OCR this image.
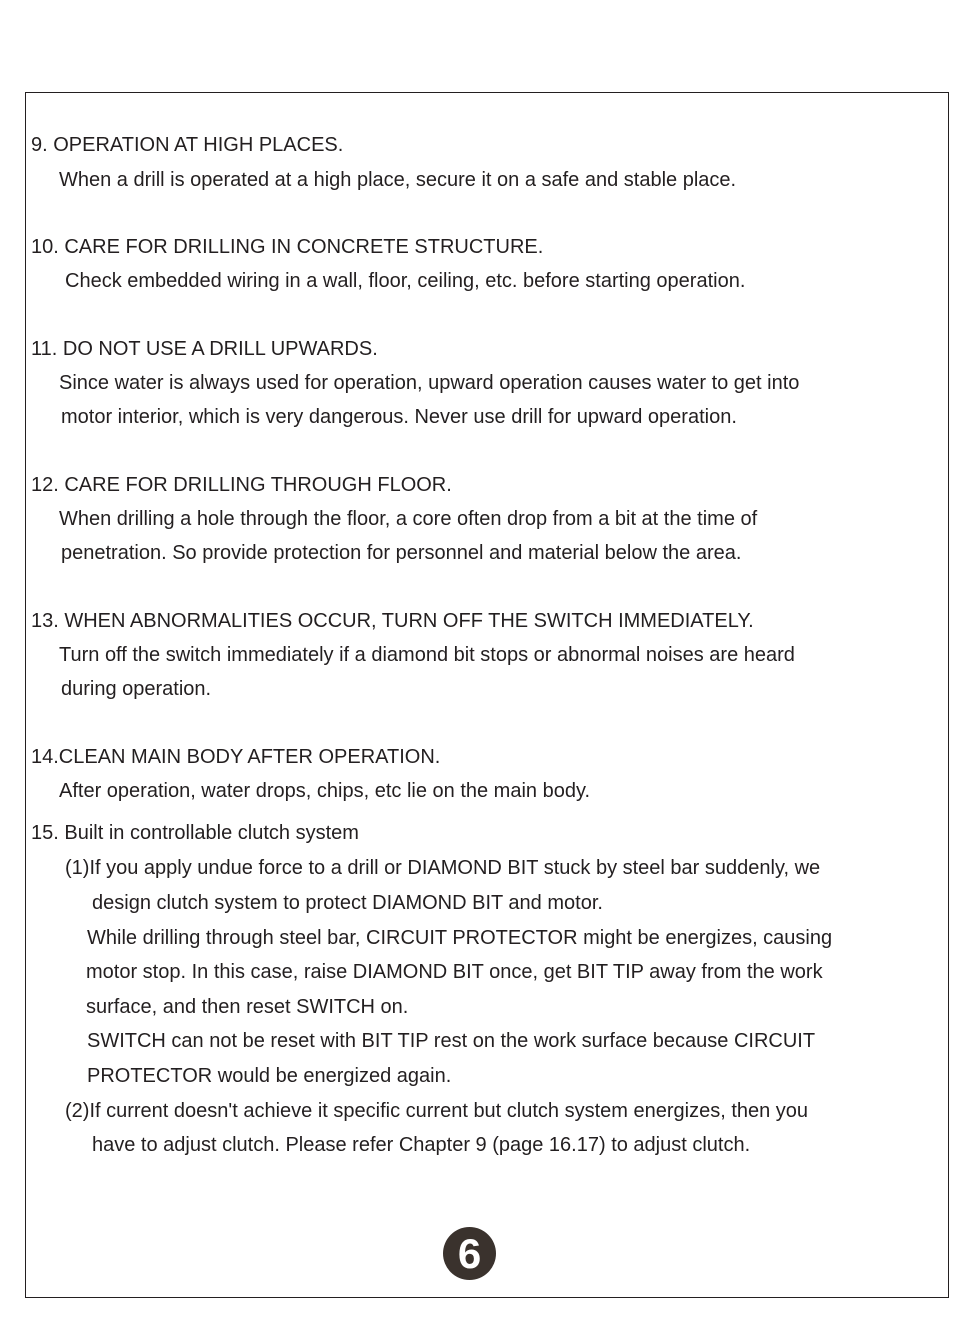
9. OPERATION AT HIGH PLACES.
When a drill is operated at a high place, secure it on a safe and stable place.
10. CARE FOR DRILLING IN CONCRETE STRUCTURE.
Check embedded wiring in a wall, floor, ceiling, etc. before starting operation.
11. DO NOT USE A DRILL UPWARDS.
Since water is always used for operation, upward operation causes water to get into
motor interior, which is very dangerous. Never use drill for upward operation.
12. CARE FOR DRILLING THROUGH FLOOR.
When drilling a hole through the floor, a core often drop from a bit at the time of
penetration. So provide protection for personnel and material below the area.
13. WHEN ABNORMALITIES OCCUR, TURN OFF THE SWITCH IMMEDIATELY.
Turn off the switch immediately if a diamond bit stops or abnormal noises are heard
during operation.
14.CLEAN MAIN BODY AFTER OPERATION.
After operation, water drops, chips, etc lie on the main body.
15. Built in controllable clutch system
(1)If you apply undue force to a drill or DIAMOND BIT stuck by steel bar suddenly, we
design clutch system to protect DIAMOND BIT and motor.
While drilling through steel bar, CIRCUIT PROTECTOR might be energizes, causing
motor stop. In this case, raise DIAMOND BIT once, get BIT TIP away from the work
surface, and then reset SWITCH on.
SWITCH can not be reset with BIT TIP rest on the work surface because CIRCUIT
PROTECTOR would be energized again.
(2)If current doesn't achieve it specific current but clutch system energizes, then you
have to adjust clutch. Please refer Chapter 9 (page 16.17) to adjust clutch.
6
